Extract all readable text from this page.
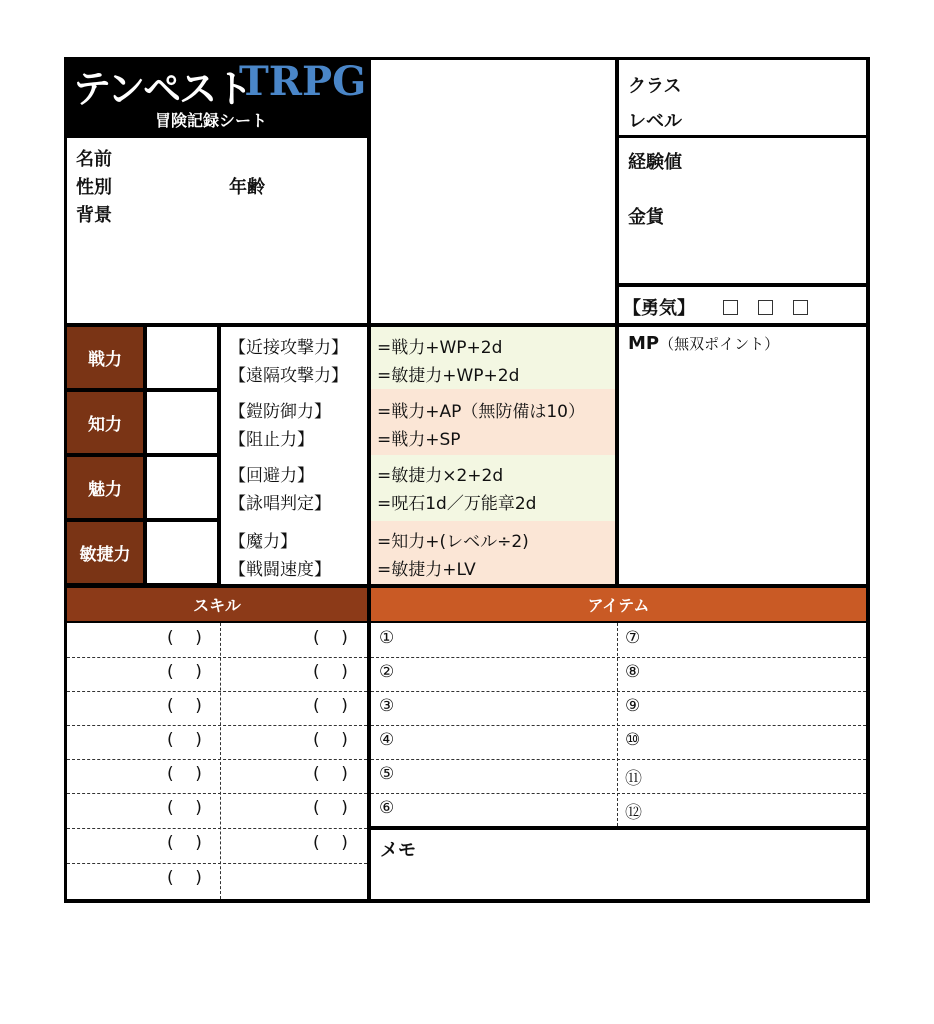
テンペスト
TRPG
冒険記録シート
名前
性別	年齢
背景
クラス
レベル
経験値
金貨
【勇気】
戦力
知力
魅力
敏捷力
【近接攻撃力】
【遠隔攻撃力】
【鎧防御力】
【阻止力】
【回避力】
【詠唱判定】
【魔力】
【戦闘速度】
=戦力+WP+2d
=敏捷力+WP+2d
=戦力+AP（無防備は10）
=戦力+SP
=敏捷力×2+2d
=呪石1d／万能章2d
=知力+(レベル÷2)
=敏捷力+LV
MP（無双ポイント）
スキル	アイテム
(    )
(    )
(    )
(    )
(    )
(    )
(    )
(    )
(    )
(    )
(    )
(    )
(    )
(    )
(    )
①
②
③
④
⑤
⑥
⑦
⑧
⑨
⑩
⑪
⑫
メモ
